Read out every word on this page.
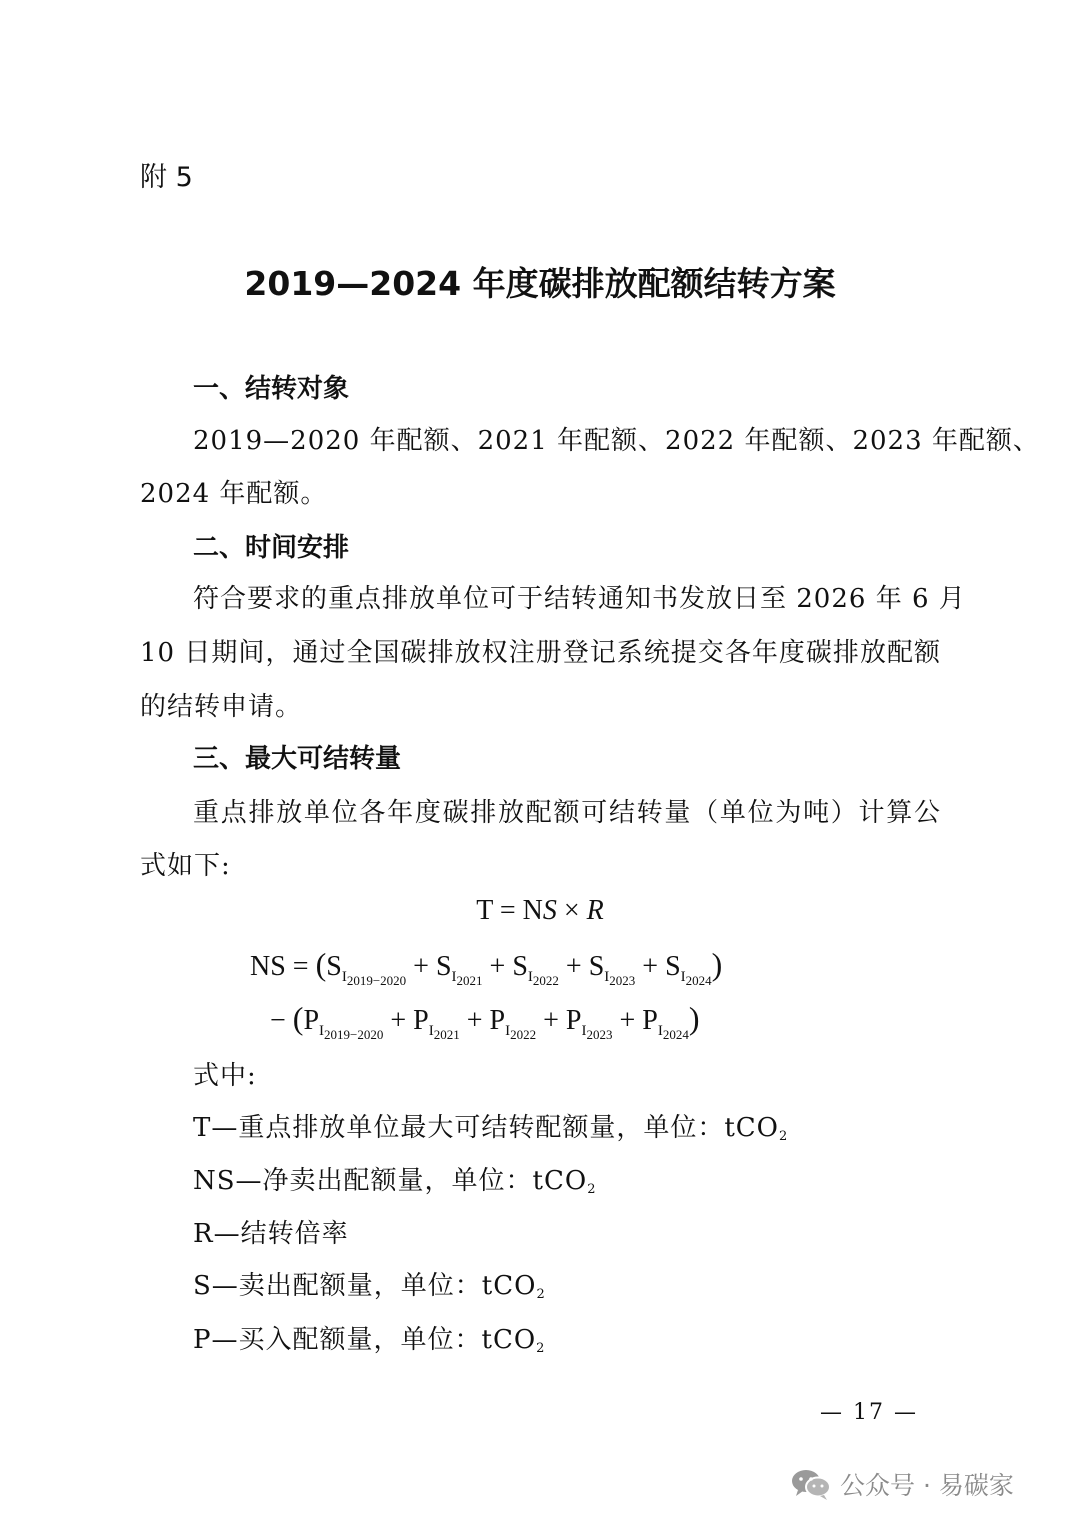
附 5
2019—2024 年度碳排放配额结转方案
一、结转对象
2019—2020 年配额、2021 年配额、2022 年配额、2023 年配额、
2024 年配额。
二、时间安排
符合要求的重点排放单位可于结转通知书发放日至 2026 年 6 月
10 日期间，通过全国碳排放权注册登记系统提交各年度碳排放配额
的结转申请。
三、最大可结转量
重点排放单位各年度碳排放配额可结转量（单位为吨）计算公
式如下:
T = NS × R
NS = $(S_{I_{2019-2020}} + S_{I_{2021}} + S_{I_{2022}} + S_{I_{2023}} + S_{I_{2024}})$
− $(P_{I_{2019-2020}} + P_{I_{2021}} + P_{I_{2022}} + P_{I_{2023}} + P_{I_{2024}})$
式中:
T—重点排放单位最大可结转配额量，单位：tCO$_2$
NS—净卖出配额量，单位：tCO$_2$
R—结转倍率
S—卖出配额量，单位：tCO$_2$
P—买入配额量，单位：tCO$_2$
— 17 —
公众号 · 易碳家
